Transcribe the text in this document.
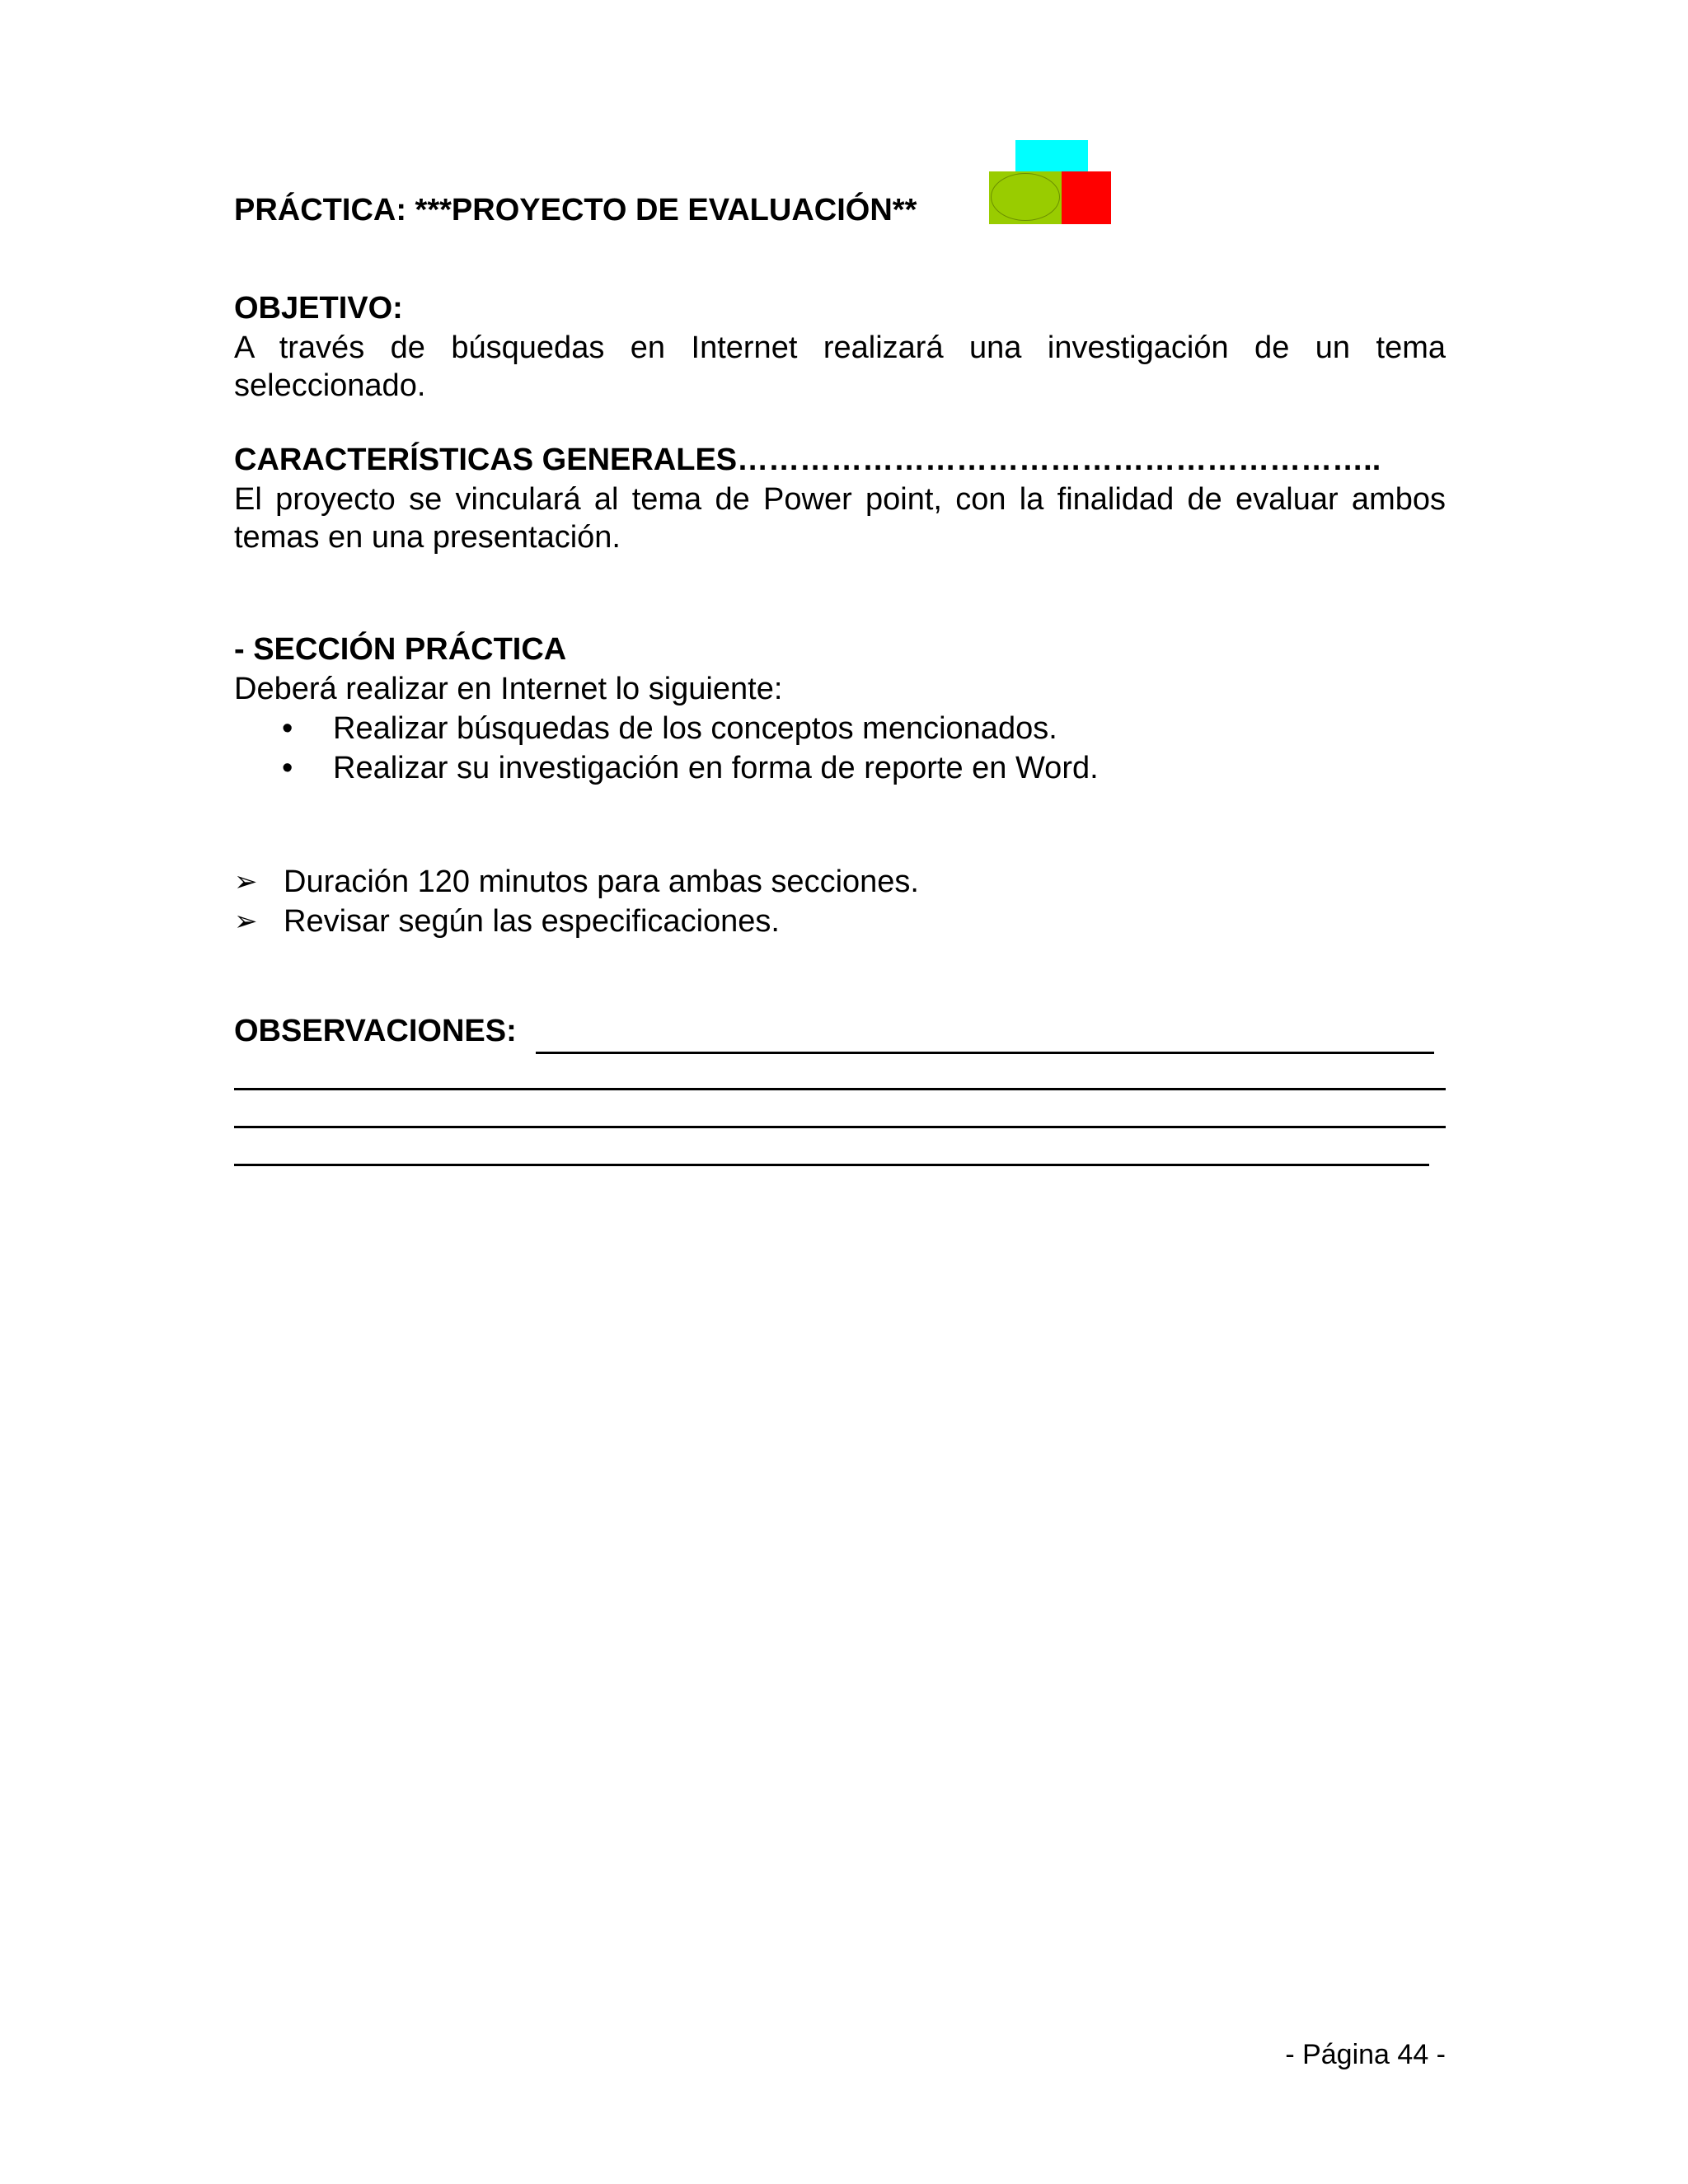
PRÁCTICA: ***PROYECTO DE EVALUACIÓN**
OBJETIVO:
A través de búsquedas en Internet realizará una investigación de un tema
seleccionado.
CARACTERÍSTICAS GENERALES……………………………………………………..
El proyecto se vinculará al tema de Power point, con la finalidad de evaluar ambos
temas en una presentación.
- SECCIÓN PRÁCTICA
Deberá realizar en Internet lo siguiente:
• Realizar búsquedas de los conceptos mencionados.
• Realizar su investigación en forma de reporte en Word.
➢ Duración 120 minutos para ambas secciones.
➢ Revisar según las especificaciones.
OBSERVACIONES:
- Página 44 -
